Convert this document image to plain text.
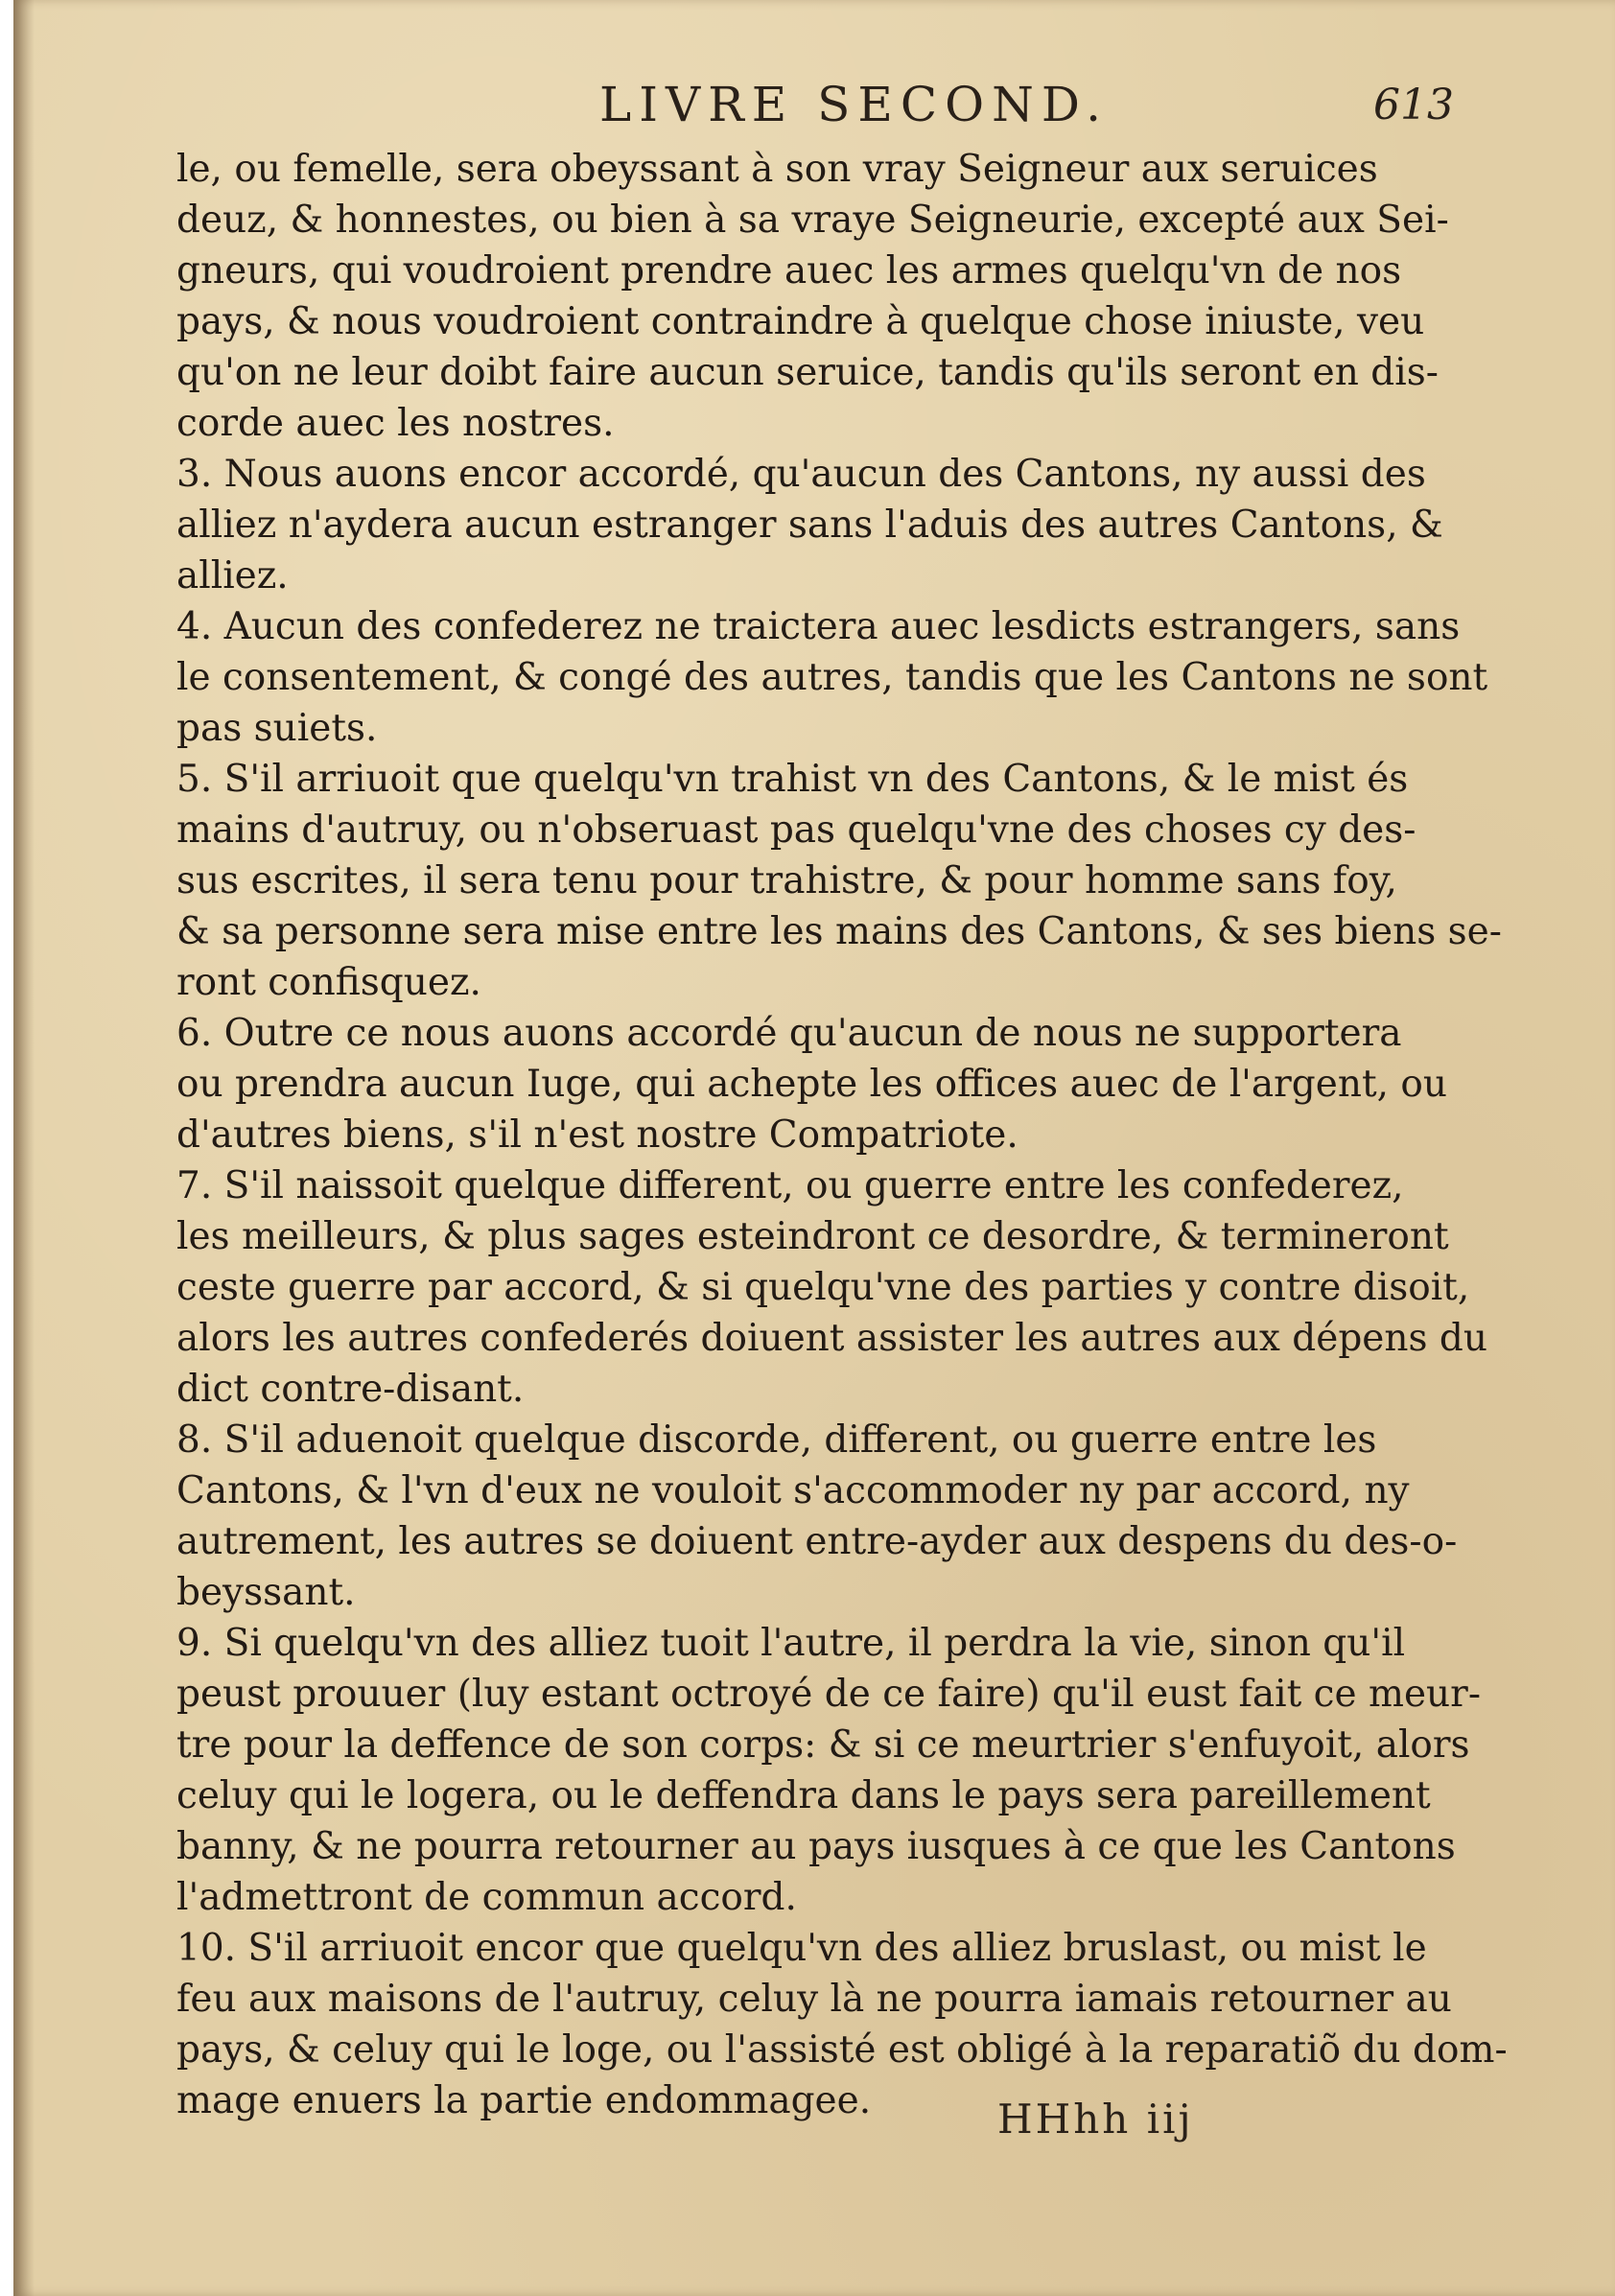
LIVRE SECOND.	613
le, ou femelle, sera obeyssant à son vray Seigneur aux seruices
deuz, & honnestes, ou bien à sa vraye Seigneurie, excepté aux Sei-
gneurs, qui voudroient prendre auec les armes quelqu'vn de nos
pays, & nous voudroient contraindre à quelque chose iniuste, veu
qu'on ne leur doibt faire aucun seruice, tandis qu'ils seront en dis-
corde auec les nostres.
3. Nous auons encor accordé, qu'aucun des Cantons, ny aussi des
alliez n'aydera aucun estranger sans l'aduis des autres Cantons, &
alliez.
4. Aucun des confederez ne traictera auec lesdicts estrangers, sans
le consentement, & congé des autres, tandis que les Cantons ne sont
pas suiets.
5. S'il arriuoit que quelqu'vn trahist vn des Cantons, & le mist és
mains d'autruy, ou n'obseruast pas quelqu'vne des choses cy des-
sus escrites, il sera tenu pour trahistre, & pour homme sans foy,
& sa personne sera mise entre les mains des Cantons, & ses biens se-
ront confisquez.
6. Outre ce nous auons accordé qu'aucun de nous ne supportera
ou prendra aucun Iuge, qui achepte les offices auec de l'argent, ou
d'autres biens, s'il n'est nostre Compatriote.
7. S'il naissoit quelque different, ou guerre entre les confederez,
les meilleurs, & plus sages esteindront ce desordre, & termineront
ceste guerre par accord, & si quelqu'vne des parties y contre disoit,
alors les autres confederés doiuent assister les autres aux dépens du
dict contre-disant.
8. S'il aduenoit quelque discorde, different, ou guerre entre les
Cantons, & l'vn d'eux ne vouloit s'accommoder ny par accord, ny
autrement, les autres se doiuent entre-ayder aux despens du des-o-
beyssant.
9. Si quelqu'vn des alliez tuoit l'autre, il perdra la vie, sinon qu'il
peust prouuer (luy estant octroyé de ce faire) qu'il eust fait ce meur-
tre pour la deffence de son corps: & si ce meurtrier s'enfuyoit, alors
celuy qui le logera, ou le deffendra dans le pays sera pareillement
banny, & ne pourra retourner au pays iusques à ce que les Cantons
l'admettront de commun accord.
10. S'il arriuoit encor que quelqu'vn des alliez bruslast, ou mist le
feu aux maisons de l'autruy, celuy là ne pourra iamais retourner au
pays, & celuy qui le loge, ou l'assisté est obligé à la reparatiõ du dom-
mage enuers la partie endommagee.	HHhh iij
